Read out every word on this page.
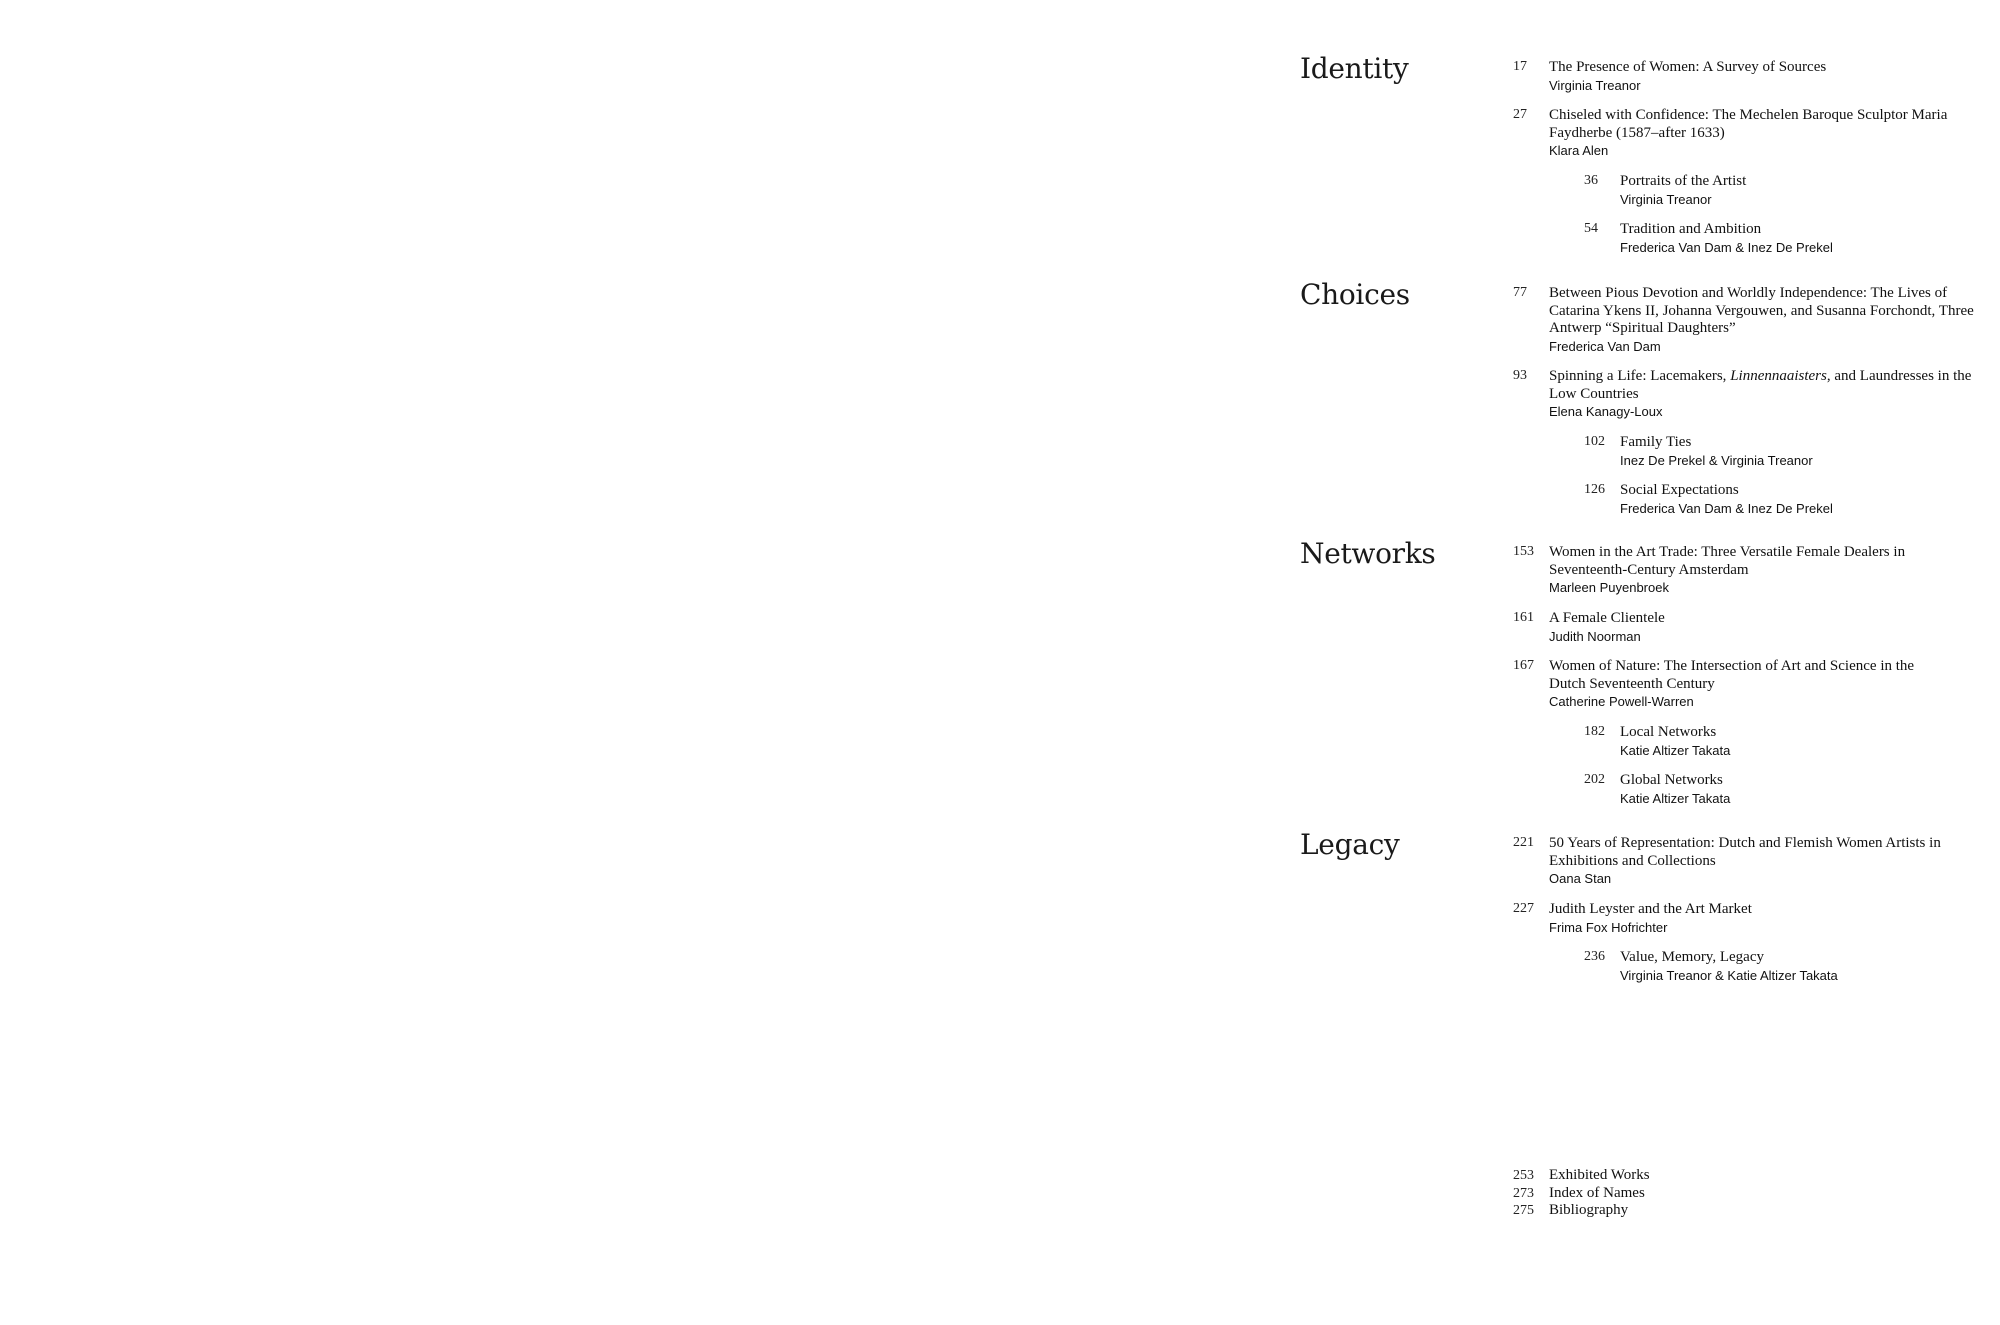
Identity	17 The Presence of Women: A Survey of Sources
Virginia Treanor
27 Chiseled with Confidence: The Mechelen Baroque Sculptor Maria Faydherbe (1587–after 1633)
Klara Alen
36 Portraits of the Artist
Virginia Treanor
54 Tradition and Ambition
Frederica Van Dam & Inez De Prekel
Choices	77 Between Pious Devotion and Worldly Independence: The Lives of Catarina Ykens II, Johanna Vergouwen, and Susanna Forchondt, Three Antwerp “Spiritual Daughters”
Frederica Van Dam
93 Spinning a Life: Lacemakers, Linnennaaisters, and Laundresses in the Low Countries
Elena Kanagy-Loux
102 Family Ties
Inez De Prekel & Virginia Treanor
126 Social Expectations
Frederica Van Dam & Inez De Prekel
Networks	153 Women in the Art Trade: Three Versatile Female Dealers in Seventeenth-Century Amsterdam
Marleen Puyenbroek
161 A Female Clientele
Judith Noorman
167 Women of Nature: The Intersection of Art and Science in the Dutch Seventeenth Century
Catherine Powell-Warren
182 Local Networks
Katie Altizer Takata
202 Global Networks
Katie Altizer Takata
Legacy	221 50 Years of Representation: Dutch and Flemish Women Artists in Exhibitions and Collections
Oana Stan
227 Judith Leyster and the Art Market
Frima Fox Hofrichter
236 Value, Memory, Legacy
Virginia Treanor & Katie Altizer Takata
253 Exhibited Works
273 Index of Names
275 Bibliography
